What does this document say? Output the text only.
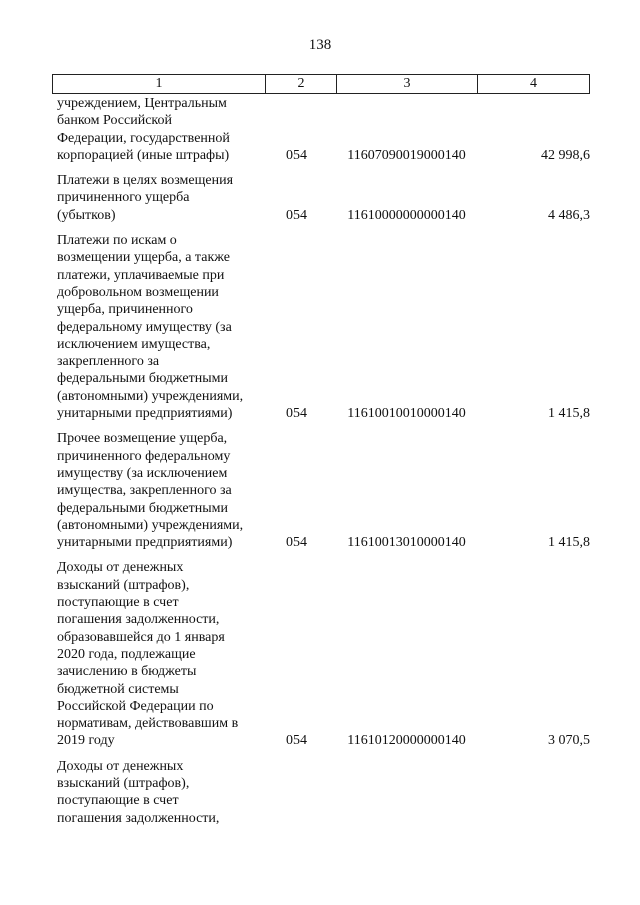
138
1	2	3	4
учреждением, Центральным
банком Российской
Федерации, государственной
корпорацией (иные штрафы)	054	11607090019000140	42 998,6
Платежи в целях возмещения
причиненного ущерба
(убытков)	054	11610000000000140	4 486,3
Платежи по искам о
возмещении ущерба, а также
платежи, уплачиваемые при
добровольном возмещении
ущерба, причиненного
федеральному имуществу (за
исключением имущества,
закрепленного за
федеральными бюджетными
(автономными) учреждениями,
унитарными предприятиями)	054	11610010010000140	1 415,8
Прочее возмещение ущерба,
причиненного федеральному
имуществу (за исключением
имущества, закрепленного за
федеральными бюджетными
(автономными) учреждениями,
унитарными предприятиями)	054	11610013010000140	1 415,8
Доходы от денежных
взысканий (штрафов),
поступающие в счет
погашения задолженности,
образовавшейся до 1 января
2020 года, подлежащие
зачислению в бюджеты
бюджетной системы
Российской Федерации по
нормативам, действовавшим в
2019 году	054	11610120000000140	3 070,5
Доходы от денежных
взысканий (штрафов),
поступающие в счет
погашения задолженности,
